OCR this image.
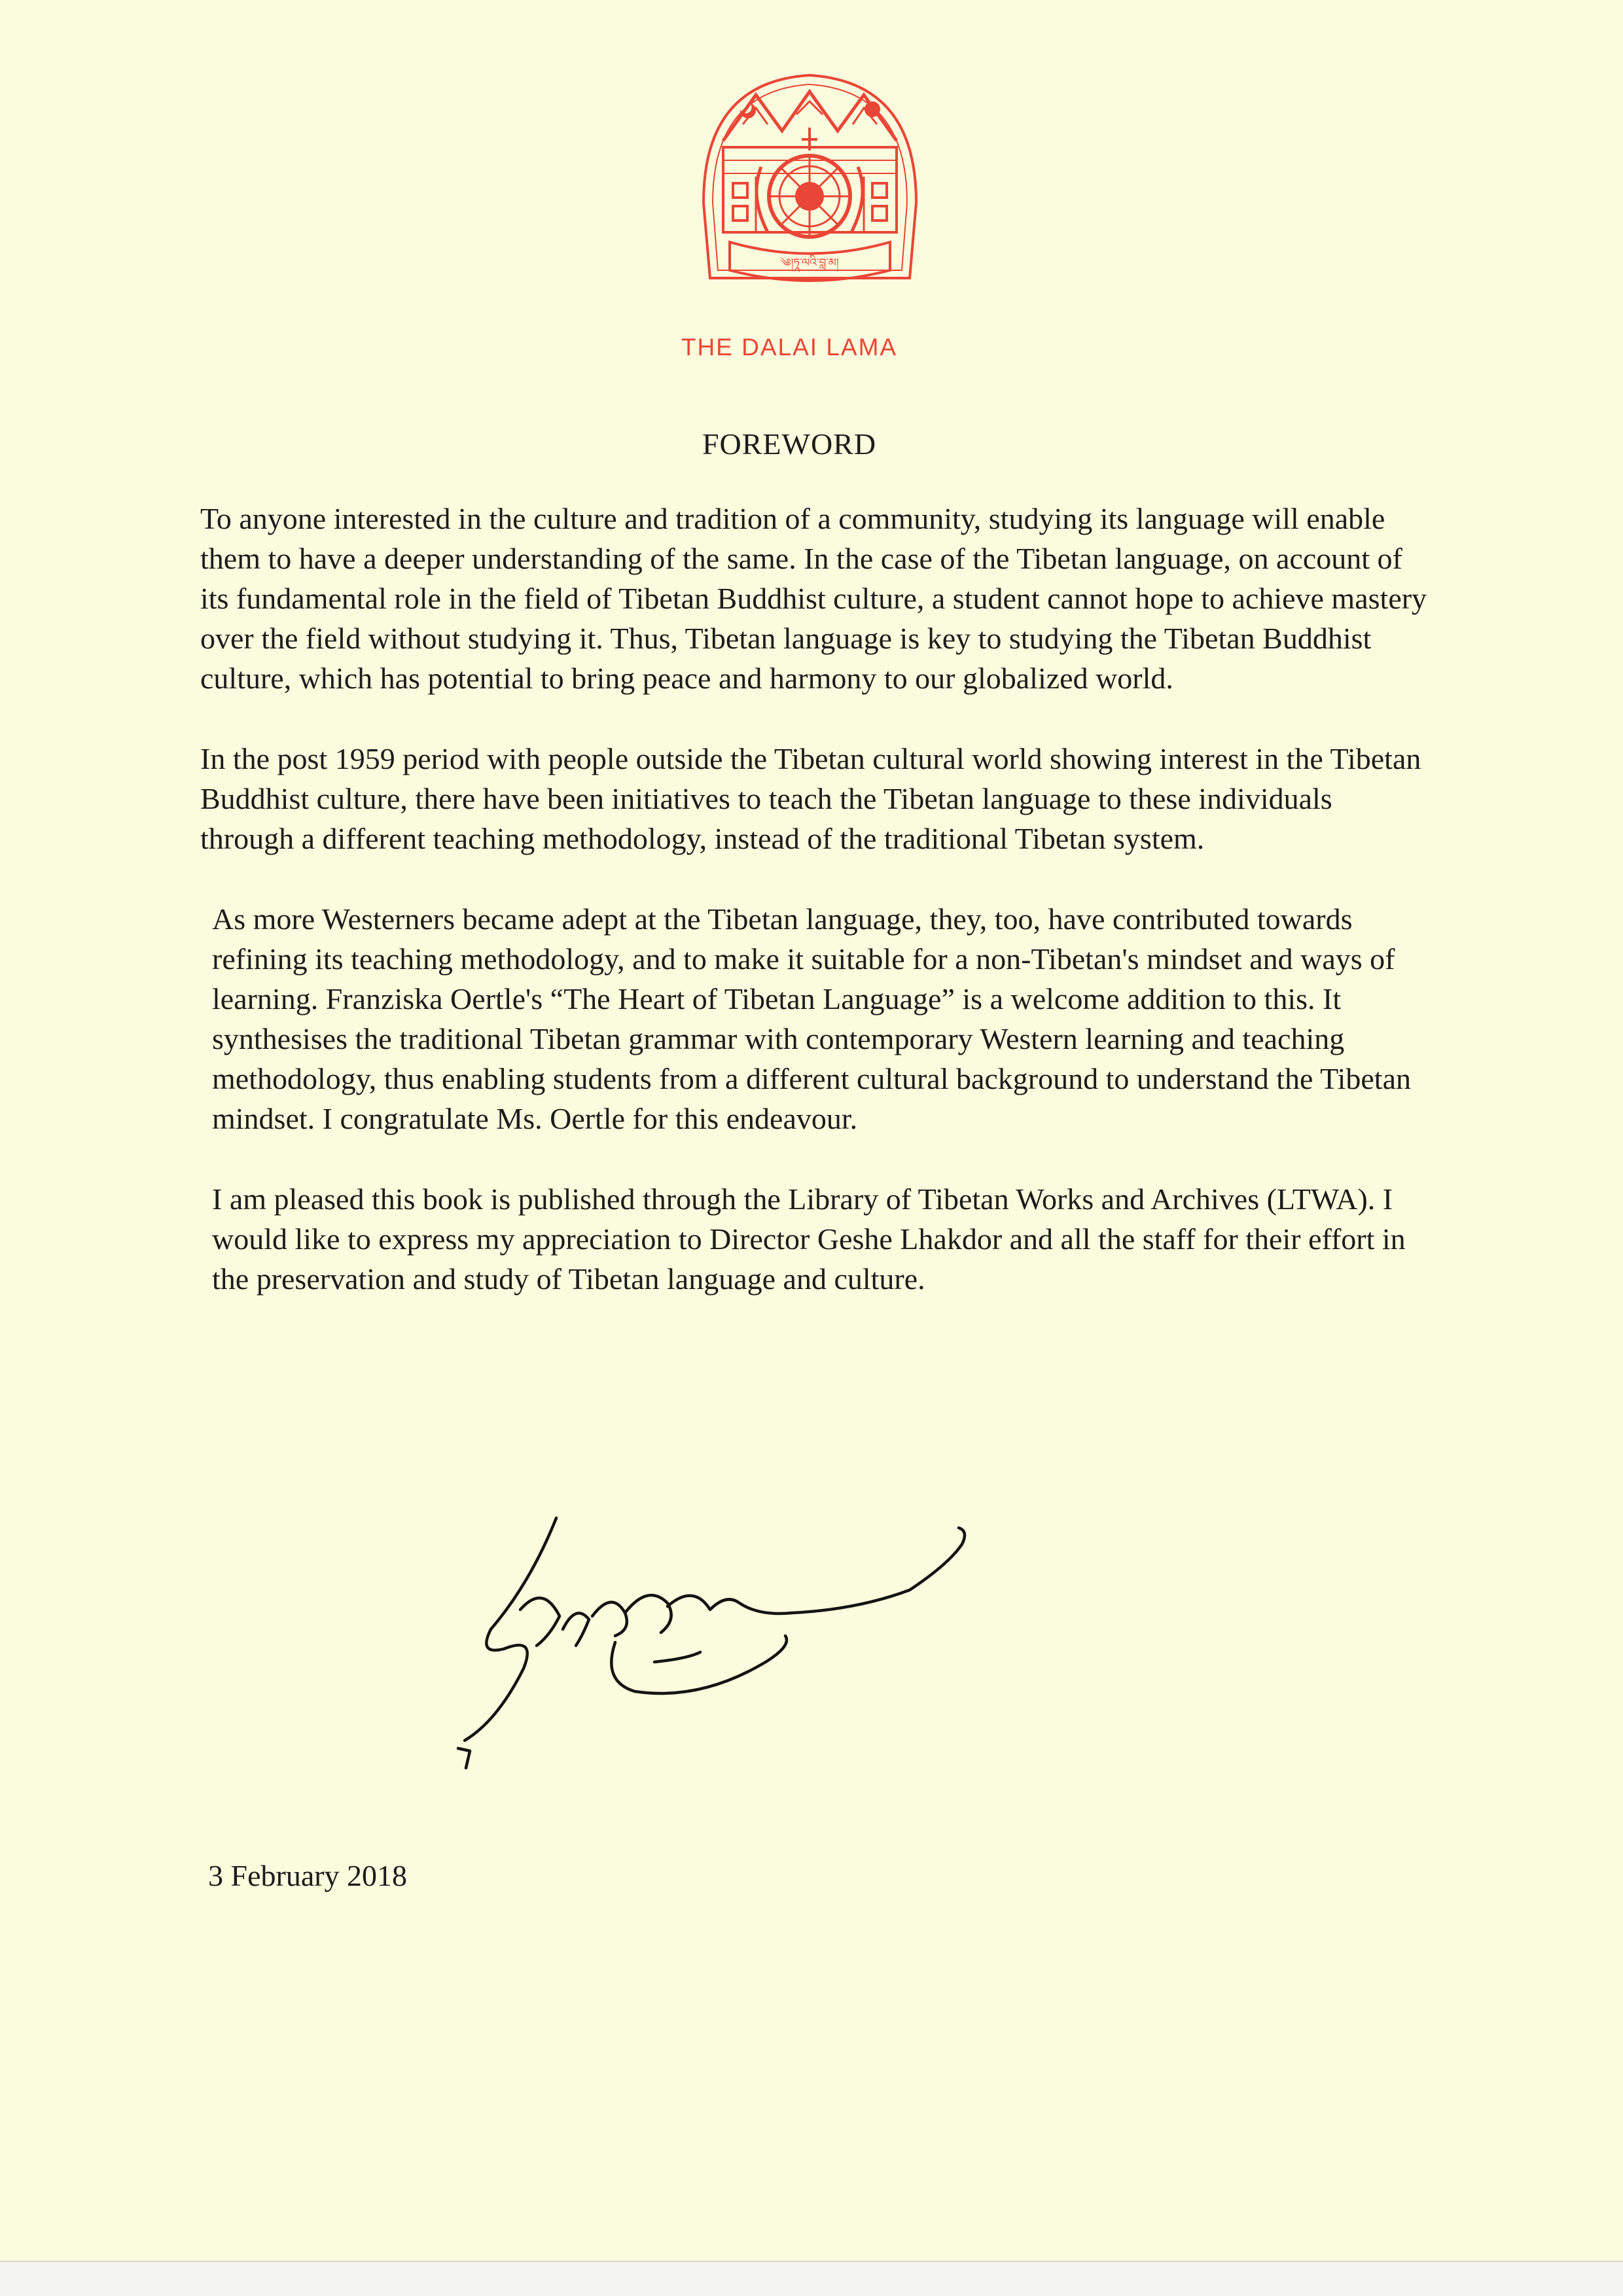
༄།ཏཱ་ལའི་བླ་མ།
THE DALAI LAMA
FOREWORD

To anyone interested in the culture and tradition of a community, studying its language will enable them to have a deeper understanding of the same. In the case of the Tibetan language, on account of its fundamental role in the field of Tibetan Buddhist culture, a student cannot hope to achieve mastery over the field without studying it. Thus, Tibetan language is key to studying the Tibetan Buddhist culture, which has potential to bring peace and harmony to our globalized world.

In the post 1959 period with people outside the Tibetan cultural world showing interest in the Tibetan Buddhist culture, there have been initiatives to teach the Tibetan language to these individuals through a different teaching methodology, instead of the traditional Tibetan system.

As more Westerners became adept at the Tibetan language, they, too, have contributed towards refining its teaching methodology, and to make it suitable for a non-Tibetan's mindset and ways of learning. Franziska Oertle's “The Heart of Tibetan Language” is a welcome addition to this. It synthesises the traditional Tibetan grammar with contemporary Western learning and teaching methodology, thus enabling students from a different cultural background to understand the Tibetan mindset. I congratulate Ms. Oertle for this endeavour.

I am pleased this book is published through the Library of Tibetan Works and Archives (LTWA). I would like to express my appreciation to Director Geshe Lhakdor and all the staff for their effort in the preservation and study of Tibetan language and culture.

3 February 2018
